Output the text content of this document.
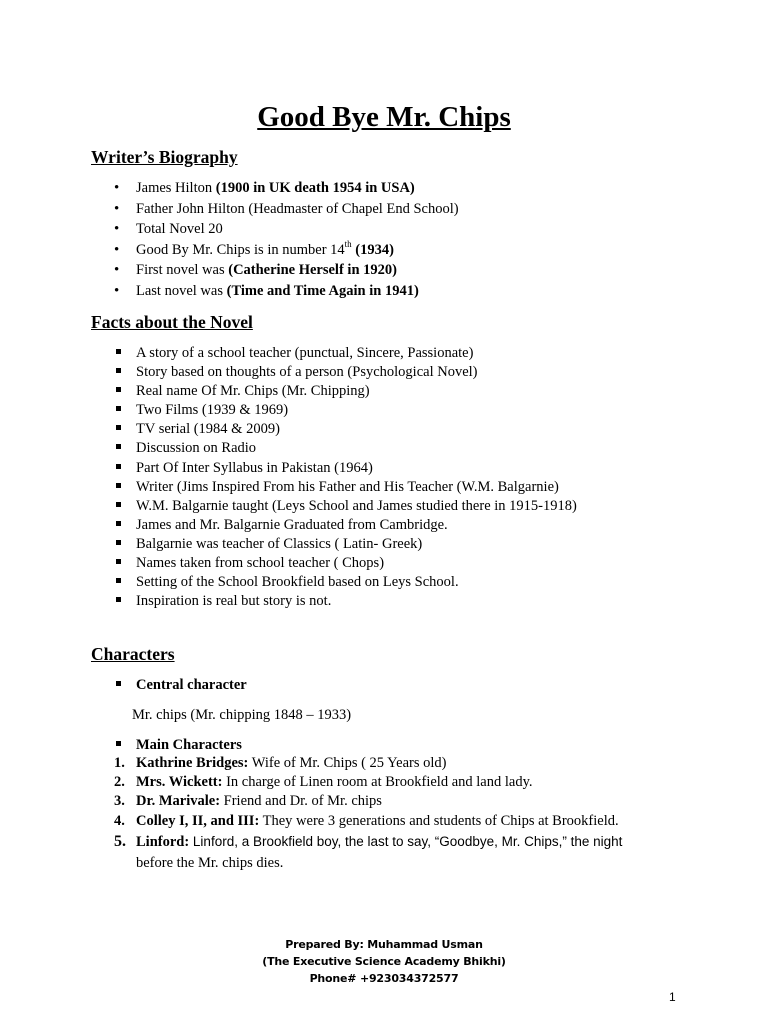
Good Bye Mr. Chips
Writer’s Biography
•
James Hilton (1900 in UK death 1954 in USA)
•
Father John Hilton (Headmaster of Chapel End School)
•
Total Novel 20
•
Good By Mr. Chips is in number 14th (1934)
•
First novel was (Catherine Herself in 1920)
•
Last novel was (Time and Time Again in 1941)
Facts about the Novel
A story of a school teacher (punctual, Sincere, Passionate)
Story based on thoughts of a person (Psychological Novel)
Real name Of Mr. Chips (Mr. Chipping)
Two Films (1939 & 1969)
TV serial (1984 & 2009)
Discussion on Radio
Part Of Inter Syllabus in Pakistan (1964)
Writer (Jims Inspired From his Father and His Teacher (W.M. Balgarnie)
W.M. Balgarnie taught (Leys School and James studied there in 1915-1918)
James and Mr. Balgarnie Graduated from Cambridge.
Balgarnie was teacher of Classics ( Latin- Greek)
Names taken from school teacher ( Chops)
Setting of the School Brookfield based on Leys School.
Inspiration is real but story is not.
Characters
Central character
Mr. chips (Mr. chipping 1848 – 1933)
Main Characters
1. Kathrine Bridges: Wife of Mr. Chips ( 25 Years old)
2. Mrs. Wickett: In charge of Linen room at Brookfield and land lady.
3. Dr. Marivale: Friend and Dr. of Mr. chips
4. Colley I, II, and III: They were 3 generations and students of Chips at Brookfield.
5. Linford: Linford, a Brookfield boy, the last to say, “Goodbye, Mr. Chips,” the night
before the Mr. chips dies.
Prepared By: Muhammad Usman
(The Executive Science Academy Bhikhi)
Phone# +923034372577
1
